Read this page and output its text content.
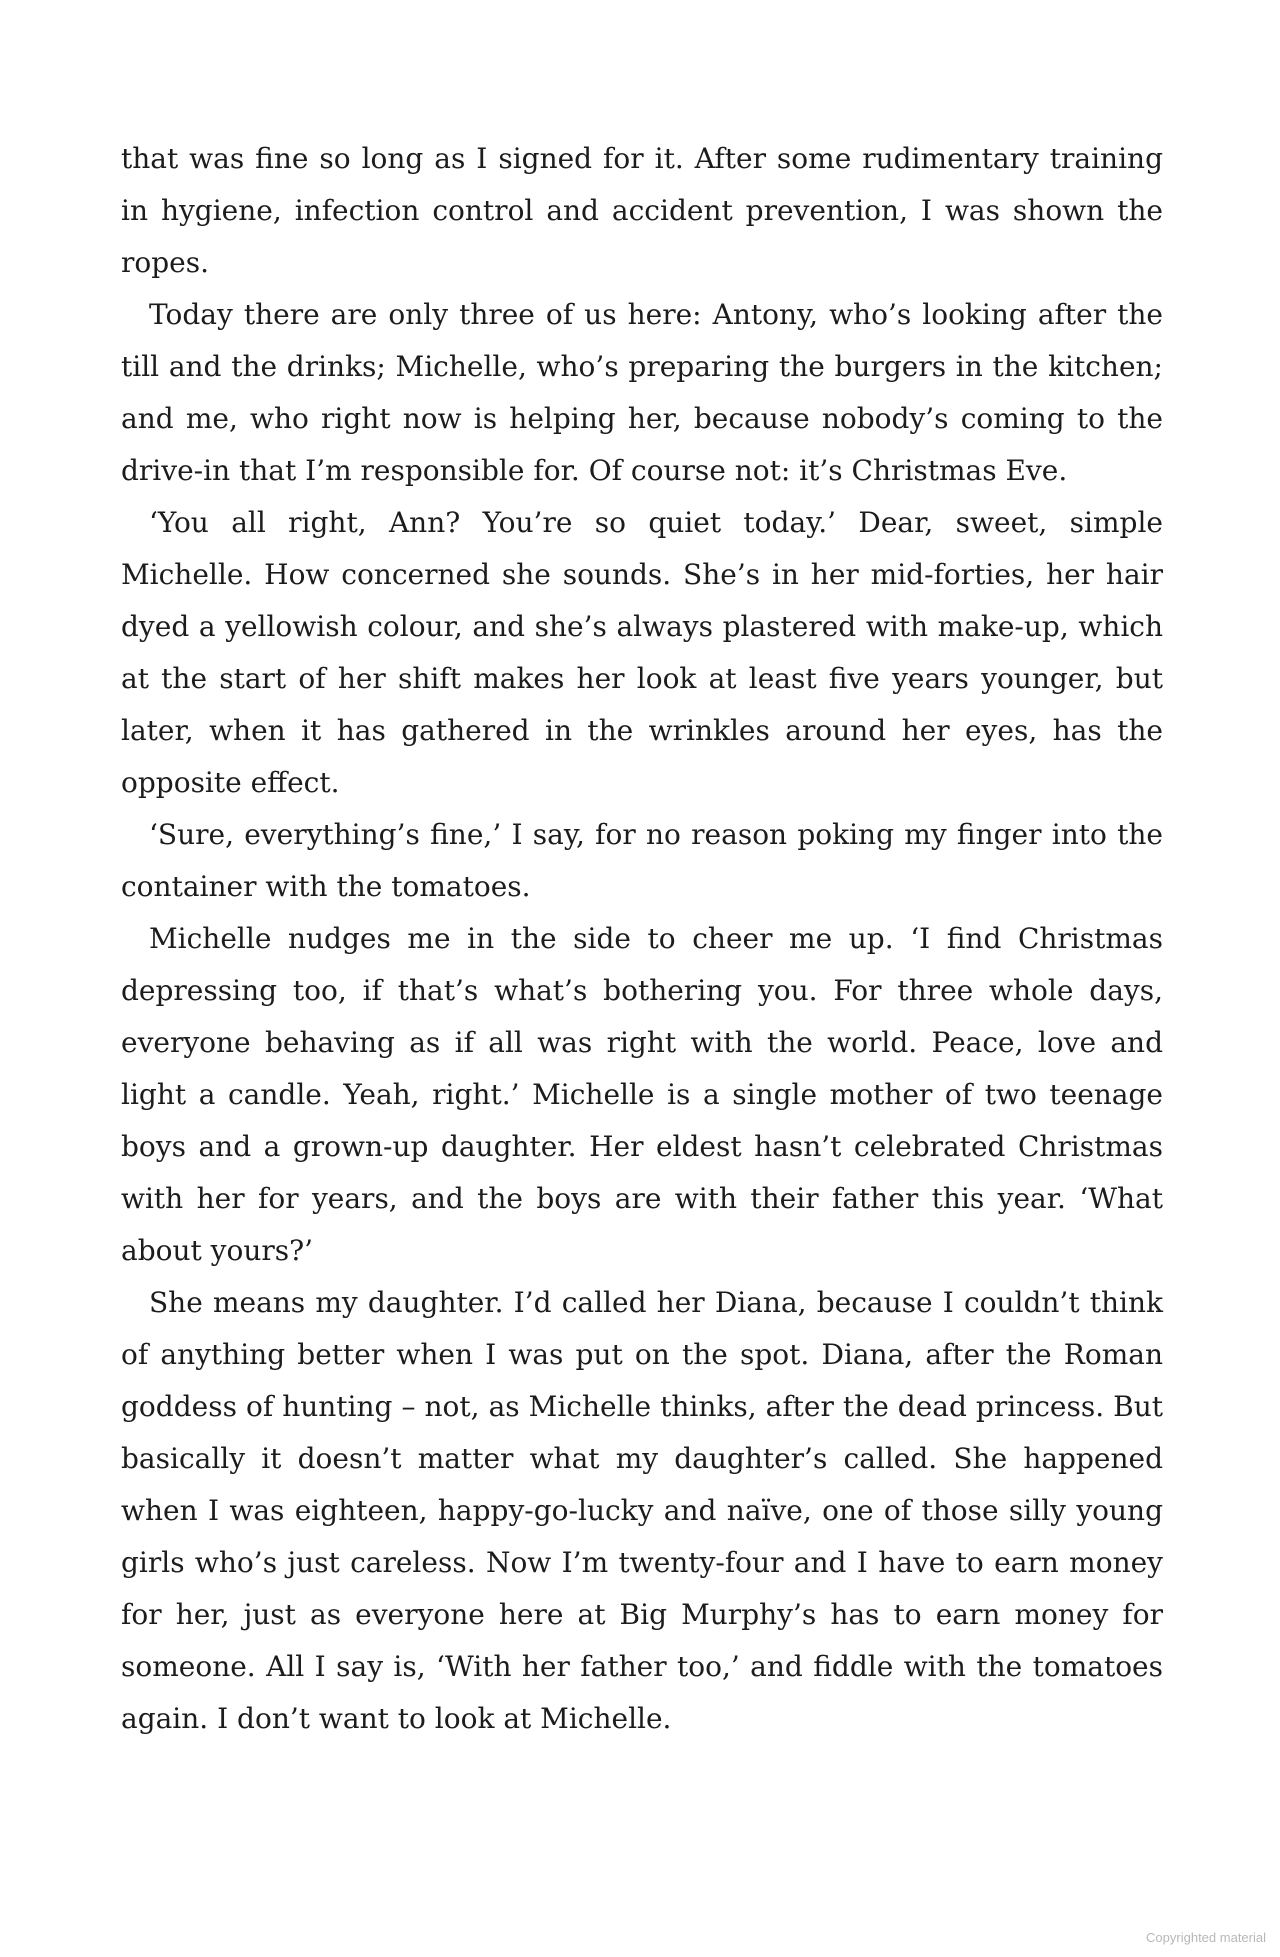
that was fine so long as I signed for it. After some rudimentary training in hygiene, infection control and accident prevention, I was shown the ropes.

Today there are only three of us here: Antony, who’s looking after the till and the drinks; Michelle, who’s preparing the burgers in the kitchen; and me, who right now is helping her, because nobody’s coming to the drive-in that I’m responsible for. Of course not: it’s Christmas Eve.

‘You all right, Ann? You’re so quiet today.’ Dear, sweet, simple Michelle. How concerned she sounds. She’s in her mid-forties, her hair dyed a yellowish colour, and she’s always plastered with make-up, which at the start of her shift makes her look at least five years younger, but later, when it has gathered in the wrinkles around her eyes, has the opposite effect.

‘Sure, everything’s fine,’ I say, for no reason poking my finger into the container with the tomatoes.

Michelle nudges me in the side to cheer me up. ‘I find Christmas depressing too, if that’s what’s bothering you. For three whole days, everyone behaving as if all was right with the world. Peace, love and light a candle. Yeah, right.’ Michelle is a single mother of two teenage boys and a grown-up daughter. Her eldest hasn’t celebrated Christmas with her for years, and the boys are with their father this year. ‘What about yours?’

She means my daughter. I’d called her Diana, because I couldn’t think of anything better when I was put on the spot. Diana, after the Roman goddess of hunting – not, as Michelle thinks, after the dead princess. But basically it doesn’t matter what my daughter’s called. She happened when I was eighteen, happy-go-lucky and naïve, one of those silly young girls who’s just careless. Now I’m twenty-four and I have to earn money for her, just as everyone here at Big Murphy’s has to earn money for someone. All I say is, ‘With her father too,’ and fiddle with the tomatoes again. I don’t want to look at Michelle.

Copyrighted material
